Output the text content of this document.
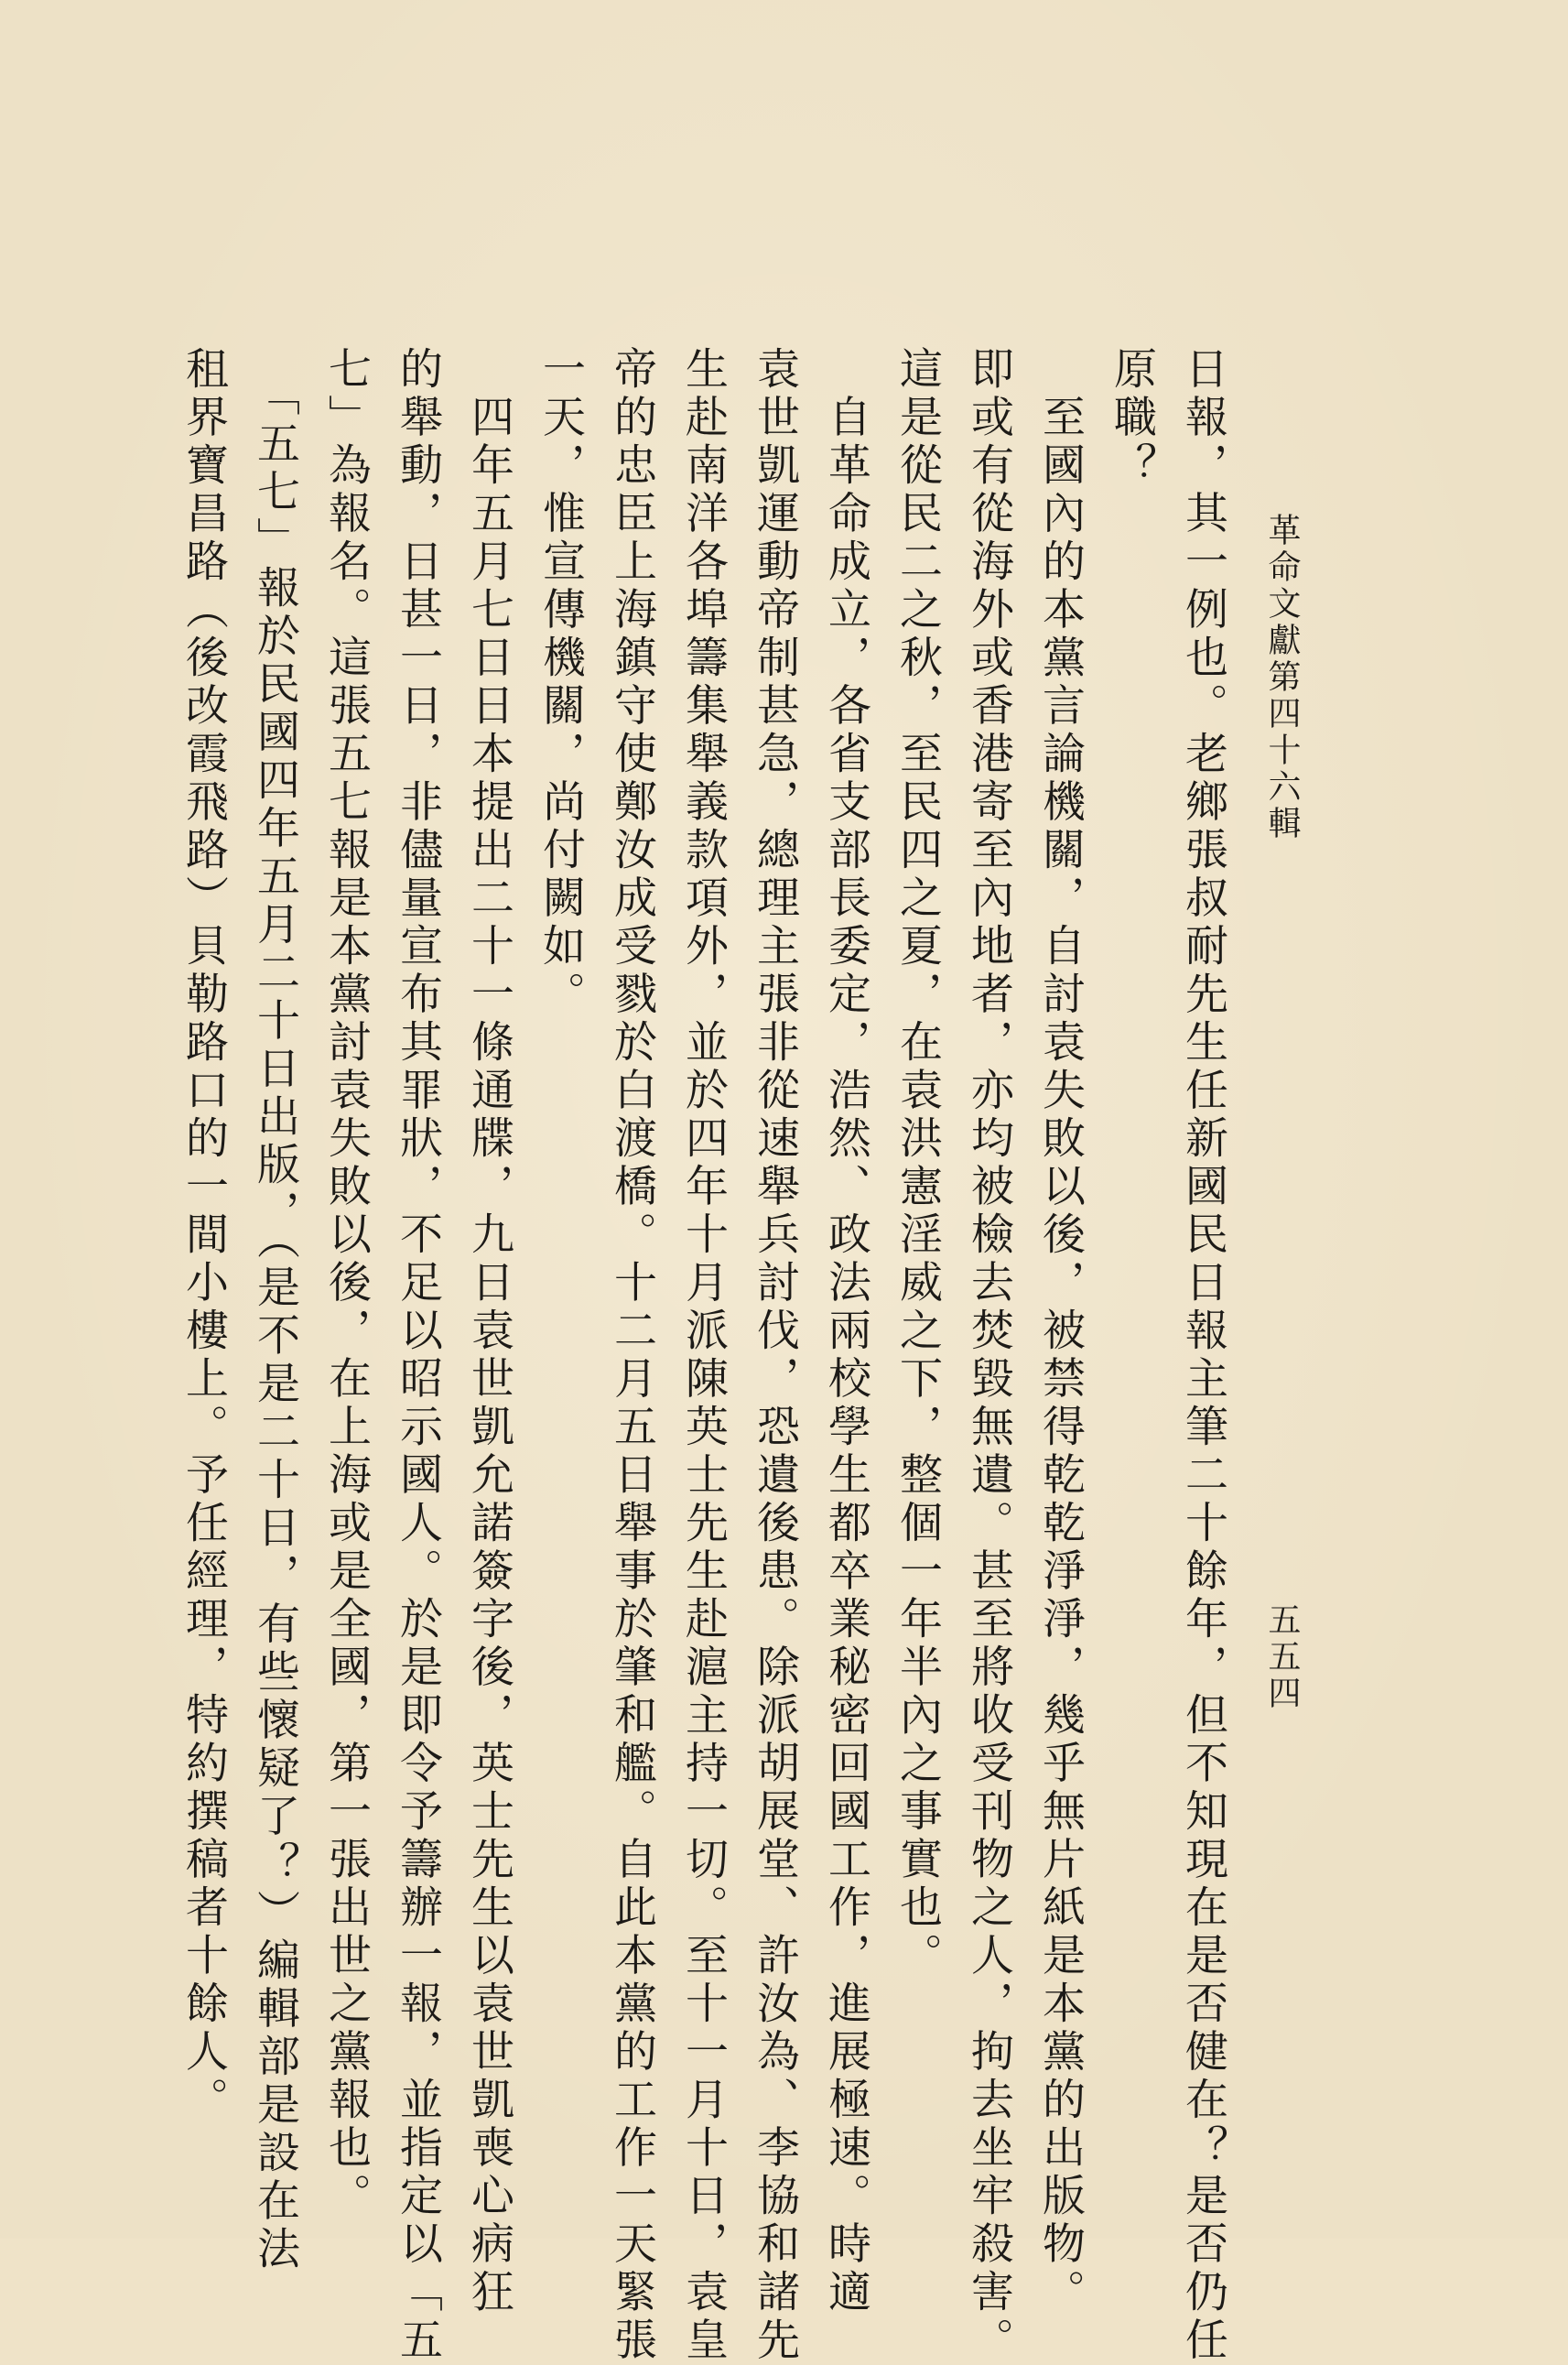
革命文獻第四十六輯
五五四
日報，其一例也。老鄉張叔耐先生任新國民日報主筆二十餘年，但不知現在是否健在？是否仍任
原職？
　至國內的本黨言論機關，自討袁失敗以後，被禁得乾乾淨淨，幾乎無片紙是本黨的出版物。
即或有從海外或香港寄至內地者，亦均被檢去焚毀無遺。甚至將收受刊物之人，拘去坐牢殺害。
這是從民二之秋，至民四之夏，在袁洪憲淫威之下，整個一年半內之事實也。
　自革命成立，各省支部長委定，浩然、政法兩校學生都卒業秘密回國工作，進展極速。時適
袁世凱運動帝制甚急，總理主張非從速舉兵討伐，恐遺後患。除派胡展堂、許汝為、李協和諸先
生赴南洋各埠籌集舉義款項外，並於四年十月派陳英士先生赴滬主持一切。至十一月十日，袁皇
帝的忠臣上海鎮守使鄭汝成受戮於白渡橋。十二月五日舉事於肇和艦。自此本黨的工作一天緊張
一天，惟宣傳機關，尚付闕如。
　四年五月七日日本提出二十一條通牒，九日袁世凱允諾簽字後，英士先生以袁世凱喪心病狂
的舉動，日甚一日，非儘量宣布其罪狀，不足以昭示國人。於是即令予籌辦一報，並指定以「五
七」為報名。這張五七報是本黨討袁失敗以後，在上海或是全國，第一張出世之黨報也。
　「五七」報於民國四年五月二十日出版，（是不是二十日，有些懷疑了？）編輯部是設在法
租界寶昌路（後改霞飛路）貝勒路口的一間小樓上。予任經理，特約撰稿者十餘人。
